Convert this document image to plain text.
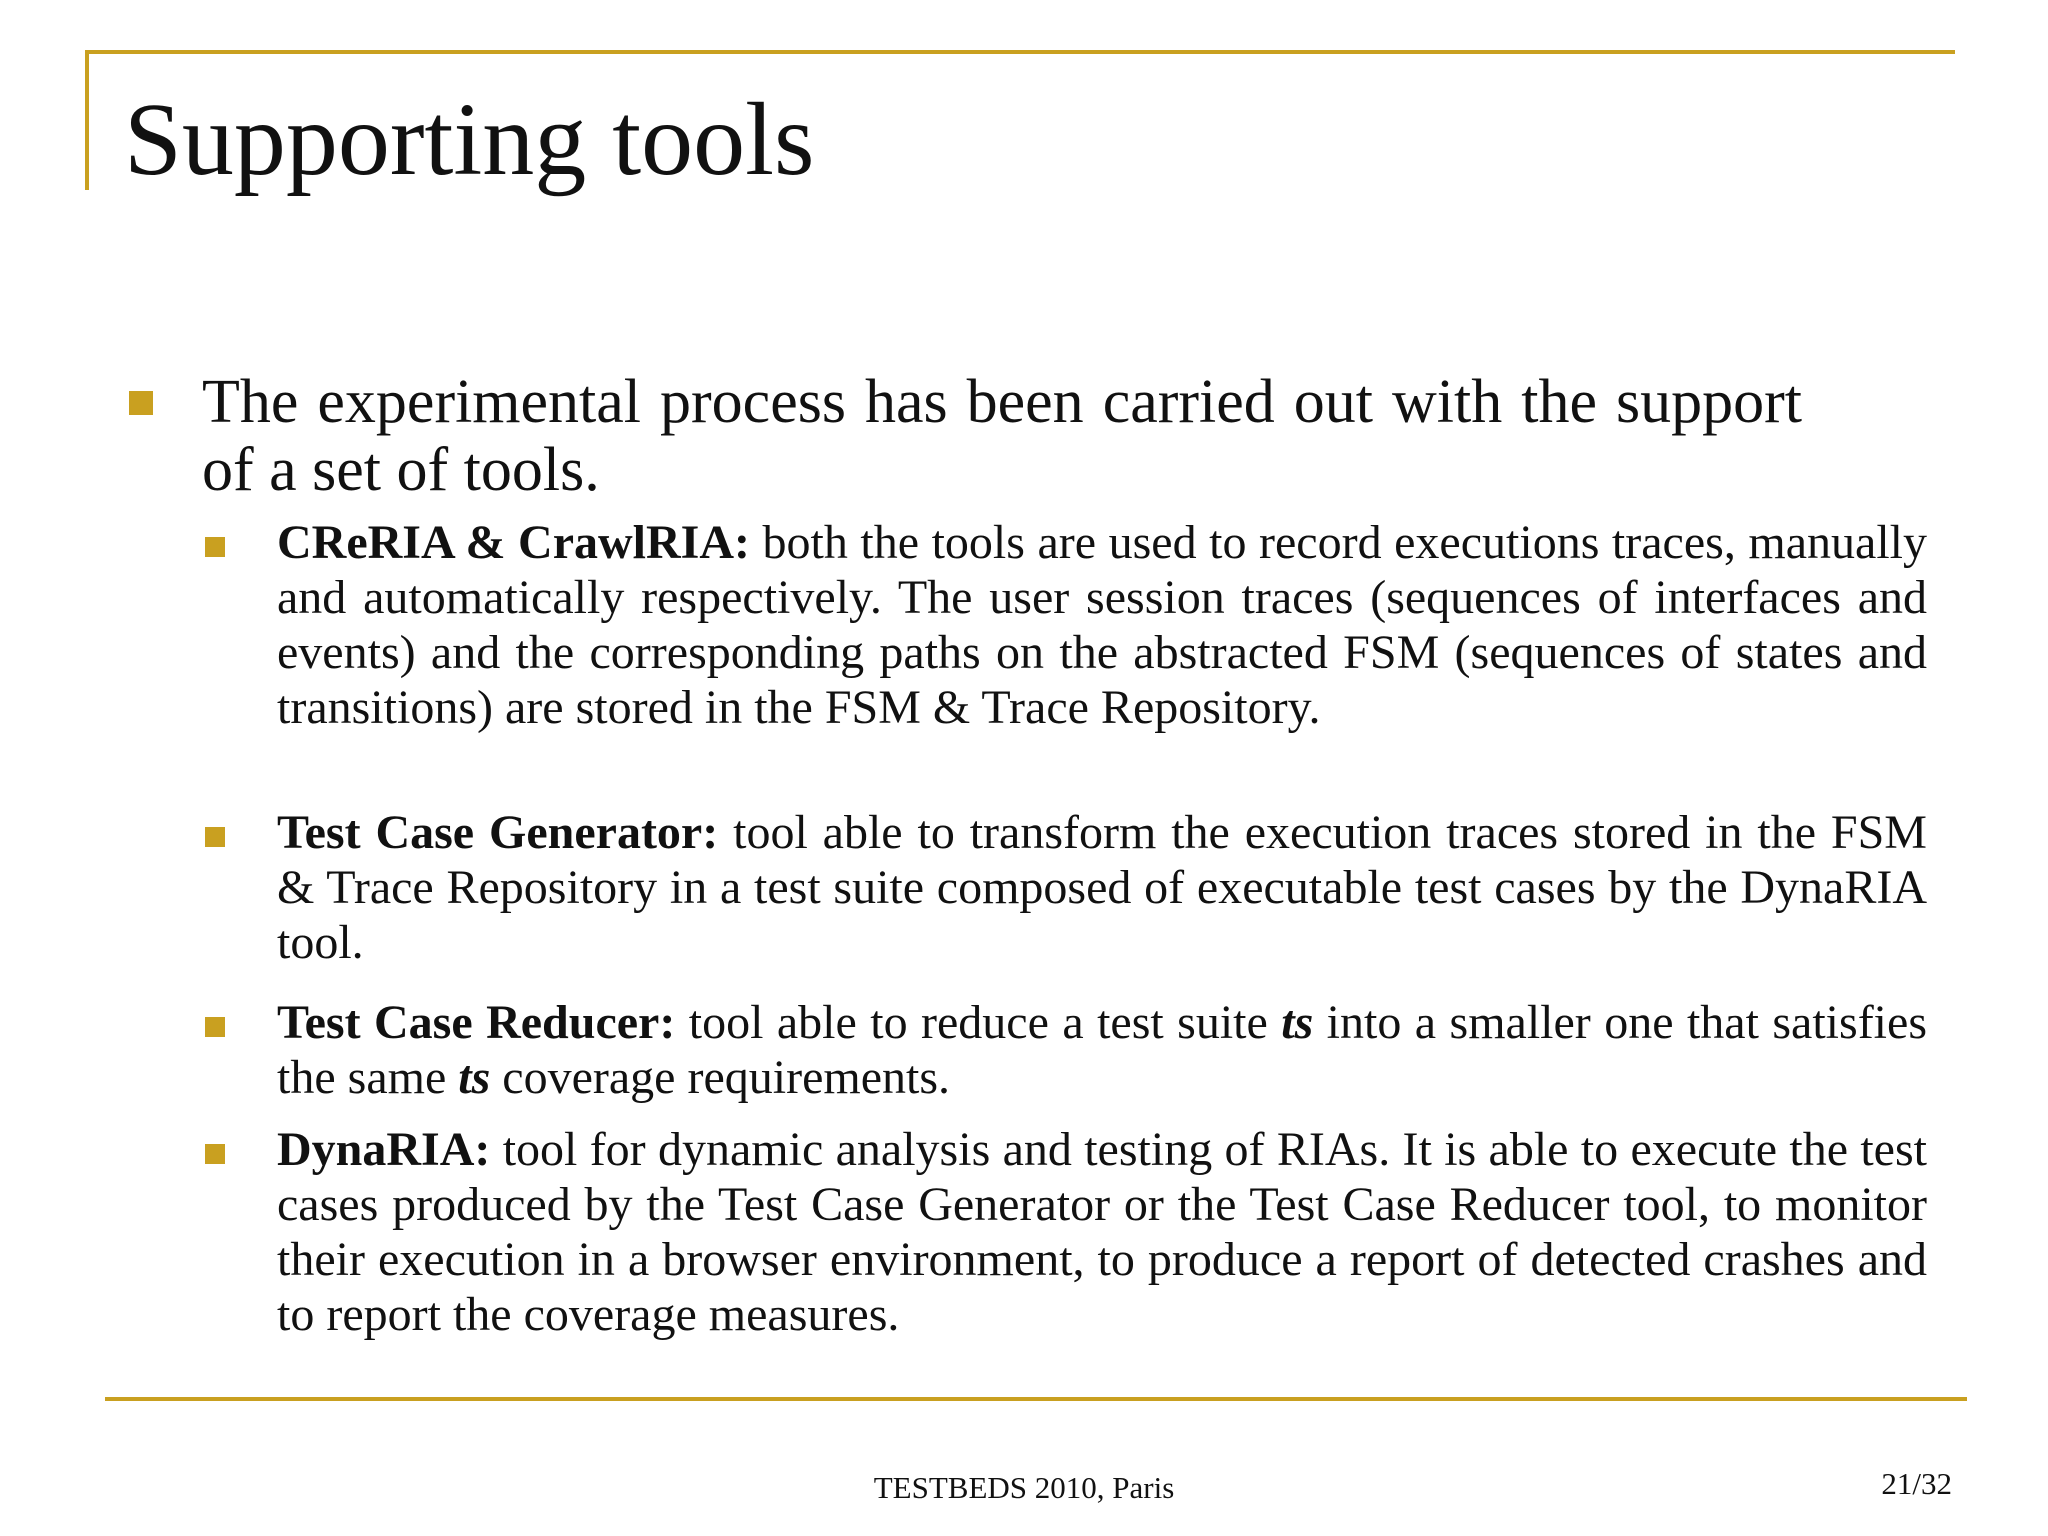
Supporting tools
The experimental process has been carried out with the support of a set of tools.
CReRIA & CrawlRIA: both the tools are used to record executions traces, manually and automatically respectively. The user session traces (sequences of interfaces and events) and the corresponding paths on the abstracted FSM (sequences of states and transitions) are stored in the FSM & Trace Repository.
Test Case Generator: tool able to transform the execution traces stored in the FSM & Trace Repository in a test suite composed of executable test cases by the DynaRIA tool.
Test Case Reducer: tool able to reduce a test suite ts into a smaller one that satisfies the same ts coverage requirements.
DynaRIA: tool for dynamic analysis and testing of RIAs. It is able to execute the test cases produced by the Test Case Generator or the Test Case Reducer tool, to monitor their execution in a browser environment, to produce a report of detected crashes and to report the coverage measures.
TESTBEDS 2010, Paris	21/32
